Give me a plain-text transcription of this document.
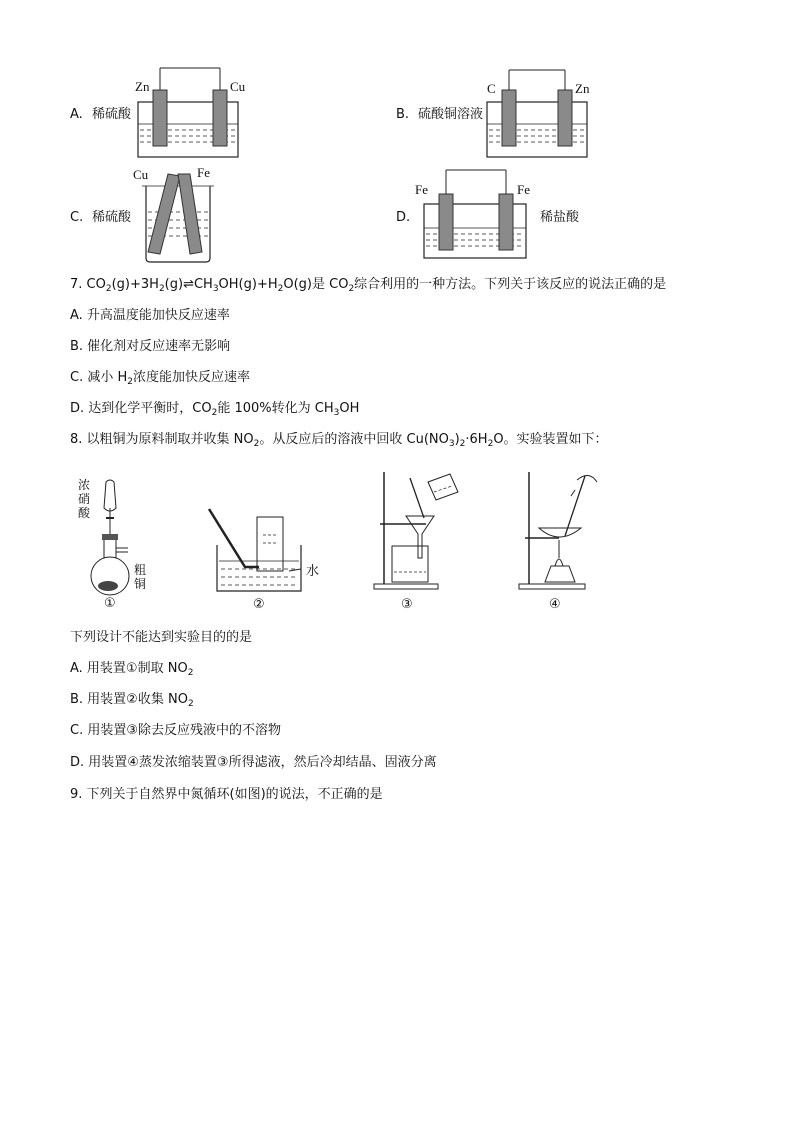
A. 稀硫酸
Zn	Cu
B. 硫酸铜溶液
C	Zn
C. 稀硫酸
Cu	Fe
D.
Fe	Fe
稀盐酸
7. $CO_2(g)+3H_2(g)\rightleftharpoons CH_3OH(g)+H_2O(g)$是 $CO_2$综合利用的一种方法。下列关于该反应的说法正确的是
A. 升高温度能加快反应速率
B. 催化剂对反应速率无影响
C. 减小 $H_2$浓度能加快反应速率
D. 达到化学平衡时，$CO_2$能 100%转化为 $CH_3OH$
8. 以粗铜为原料制取并收集 $NO_2$。从反应后的溶液中回收 $Cu(NO_3)_2\cdot 6H_2O$。实验装置如下：
浓
硝
酸
粗
铜
①
水
②	③	④
下列设计不能达到实验目的的是
A. 用装置①制取 $NO_2$
B. 用装置②收集 $NO_2$
C. 用装置③除去反应残液中的不溶物
D. 用装置④蒸发浓缩装置③所得滤液，然后冷却结晶、固液分离
9. 下列关于自然界中氮循环(如图)的说法，不正确的是
